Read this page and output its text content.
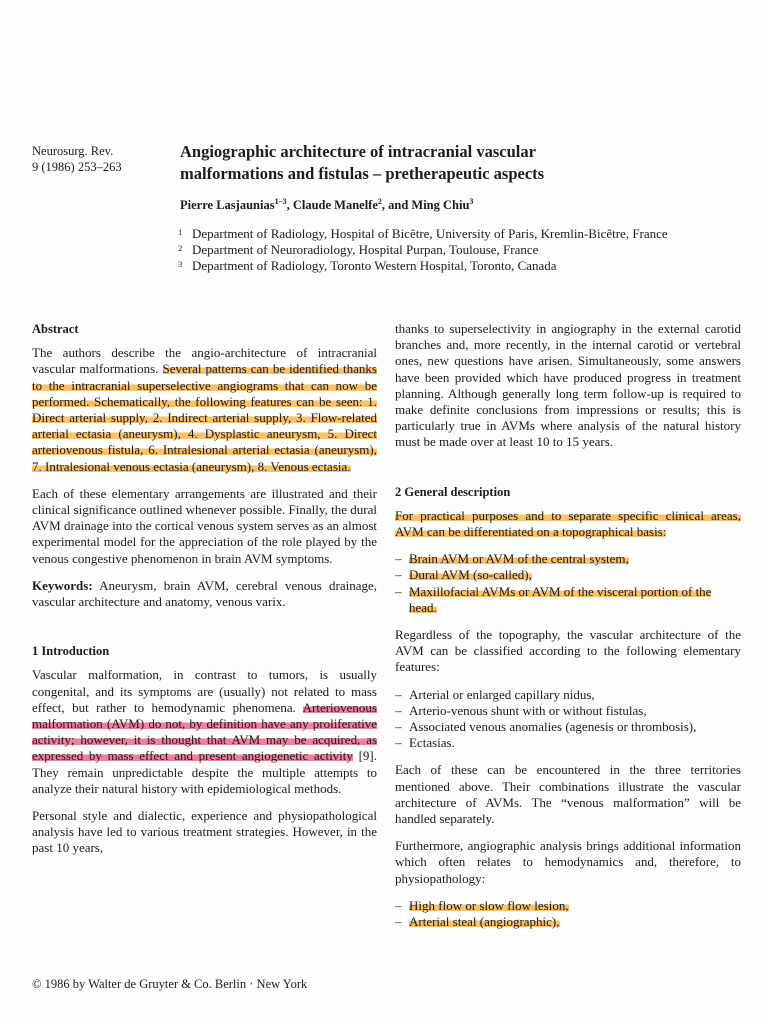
Neurosurg. Rev.
9 (1986) 253–263
Angiographic architecture of intracranial vascular
malformations and fistulas – pretherapeutic aspects
Pierre Lasjaunias$^{1-3}$, Claude Manelfe$^2$, and Ming Chiu$^3$
1 Department of Radiology, Hospital of Bicêtre, University of Paris, Kremlin-Bicêtre, France
2 Department of Neuroradiology, Hospital Purpan, Toulouse, France
3 Department of Radiology, Toronto Western Hospital, Toronto, Canada
Abstract

The authors describe the angio-architecture of intracranial vascular malformations. Several patterns can be identified thanks to the intracranial superselective angiograms that can now be performed. Schematically, the following features can be seen: 1. Direct arterial supply, 2. Indirect arterial supply, 3. Flow-related arterial ectasia (aneurysm), 4. Dysplastic aneurysm, 5. Direct arteriovenous fistula, 6. Intralesional arterial ectasia (aneurysm), 7. Intralesional venous ectasia (aneurysm), 8. Venous ectasia.

Each of these elementary arrangements are illustrated and their clinical significance outlined whenever possible. Finally, the dural AVM drainage into the cortical venous system serves as an almost experimental model for the appreciation of the role played by the venous congestive phenomenon in brain AVM symptoms.

Keywords: Aneurysm, brain AVM, cerebral venous drainage, vascular architecture and anatomy, venous varix.

1 Introduction

Vascular malformation, in contrast to tumors, is usually congenital, and its symptoms are (usually) not related to mass effect, but rather to hemodynamic phenomena. Arteriovenous malformation (AVM) do not, by definition have any proliferative activity; however, it is thought that AVM may be acquired, as expressed by mass effect and present angiogenetic activity [9]. They remain unpredictable despite the multiple attempts to analyze their natural history with epidemiological methods.

Personal style and dialectic, experience and physiopathological analysis have led to various treatment strategies. However, in the past 10 years,

thanks to superselectivity in angiography in the external carotid branches and, more recently, in the internal carotid or vertebral ones, new questions have arisen. Simultaneously, some answers have been provided which have produced progress in treatment planning. Although generally long term follow-up is required to make definite conclusions from impressions or results; this is particularly true in AVMs where analysis of the natural history must be made over at least 10 to 15 years.

2 General description

For practical purposes and to separate specific clinical areas, AVM can be differentiated on a topographical basis:

– Brain AVM or AVM of the central system,
– Dural AVM (so-called),
– Maxillofacial AVMs or AVM of the visceral portion of the head.

Regardless of the topography, the vascular architecture of the AVM can be classified according to the following elementary features:

– Arterial or enlarged capillary nidus,
– Arterio-venous shunt with or without fistulas,
– Associated venous anomalies (agenesis or thrombosis),
– Ectasias.

Each of these can be encountered in the three territories mentioned above. Their combinations illustrate the vascular architecture of AVMs. The “venous malformation” will be handled separately.

Furthermore, angiographic analysis brings additional information which often relates to hemodynamics and, therefore, to physiopathology:

– High flow or slow flow lesion,
– Arterial steal (angiographic),
© 1986 by Walter de Gruyter & Co. Berlin · New York
